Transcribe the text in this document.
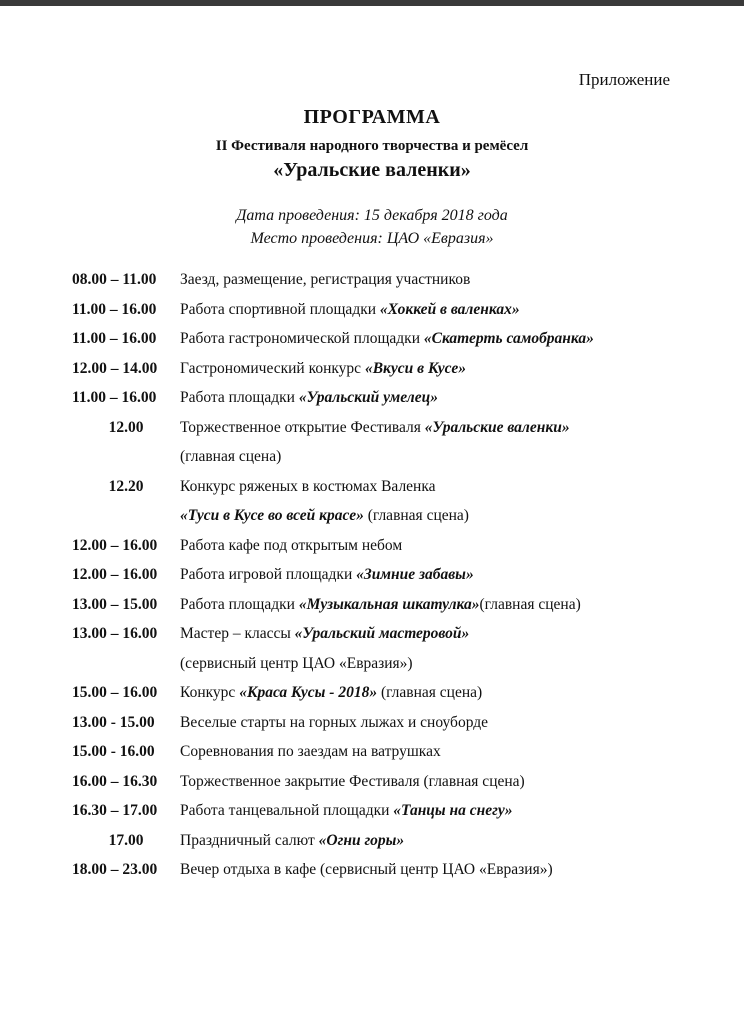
Приложение
ПРОГРАММА
II Фестиваля народного творчества и ремёсел
«Уральские валенки»
Дата проведения: 15 декабря 2018 года
Место проведения: ЦАО «Евразия»
08.00 – 11.00	Заезд, размещение, регистрация участников
11.00 – 16.00	Работа спортивной площадки «Хоккей в валенках»
11.00 – 16.00	Работа гастрономической площадки «Скатерть самобранка»
12.00 – 14.00	Гастрономический конкурс «Вкуси в Кусе»
11.00 – 16.00	Работа площадки «Уральский умелец»
12.00	Торжественное открытие Фестиваля «Уральские валенки»
(главная сцена)
12.20	Конкурс ряженых в костюмах Валенка
«Туси в Кусе во всей красе» (главная сцена)
12.00 – 16.00	Работа кафе под открытым небом
12.00 – 16.00	Работа игровой площадки «Зимние забавы»
13.00 – 15.00	Работа площадки «Музыкальная шкатулка»(главная сцена)
13.00 – 16.00	Мастер – классы «Уральский мастеровой»
(сервисный центр ЦАО «Евразия»)
15.00 – 16.00	Конкурс «Краса Кусы - 2018» (главная сцена)
13.00 - 15.00	Веселые старты на горных лыжах и сноуборде
15.00 - 16.00	Соревнования по заездам на ватрушках
16.00 – 16.30	Торжественное закрытие Фестиваля (главная сцена)
16.30 – 17.00	Работа танцевальной площадки «Танцы на снегу»
17.00	Праздничный салют «Огни горы»
18.00 – 23.00	Вечер отдыха в кафе (сервисный центр ЦАО «Евразия»)
